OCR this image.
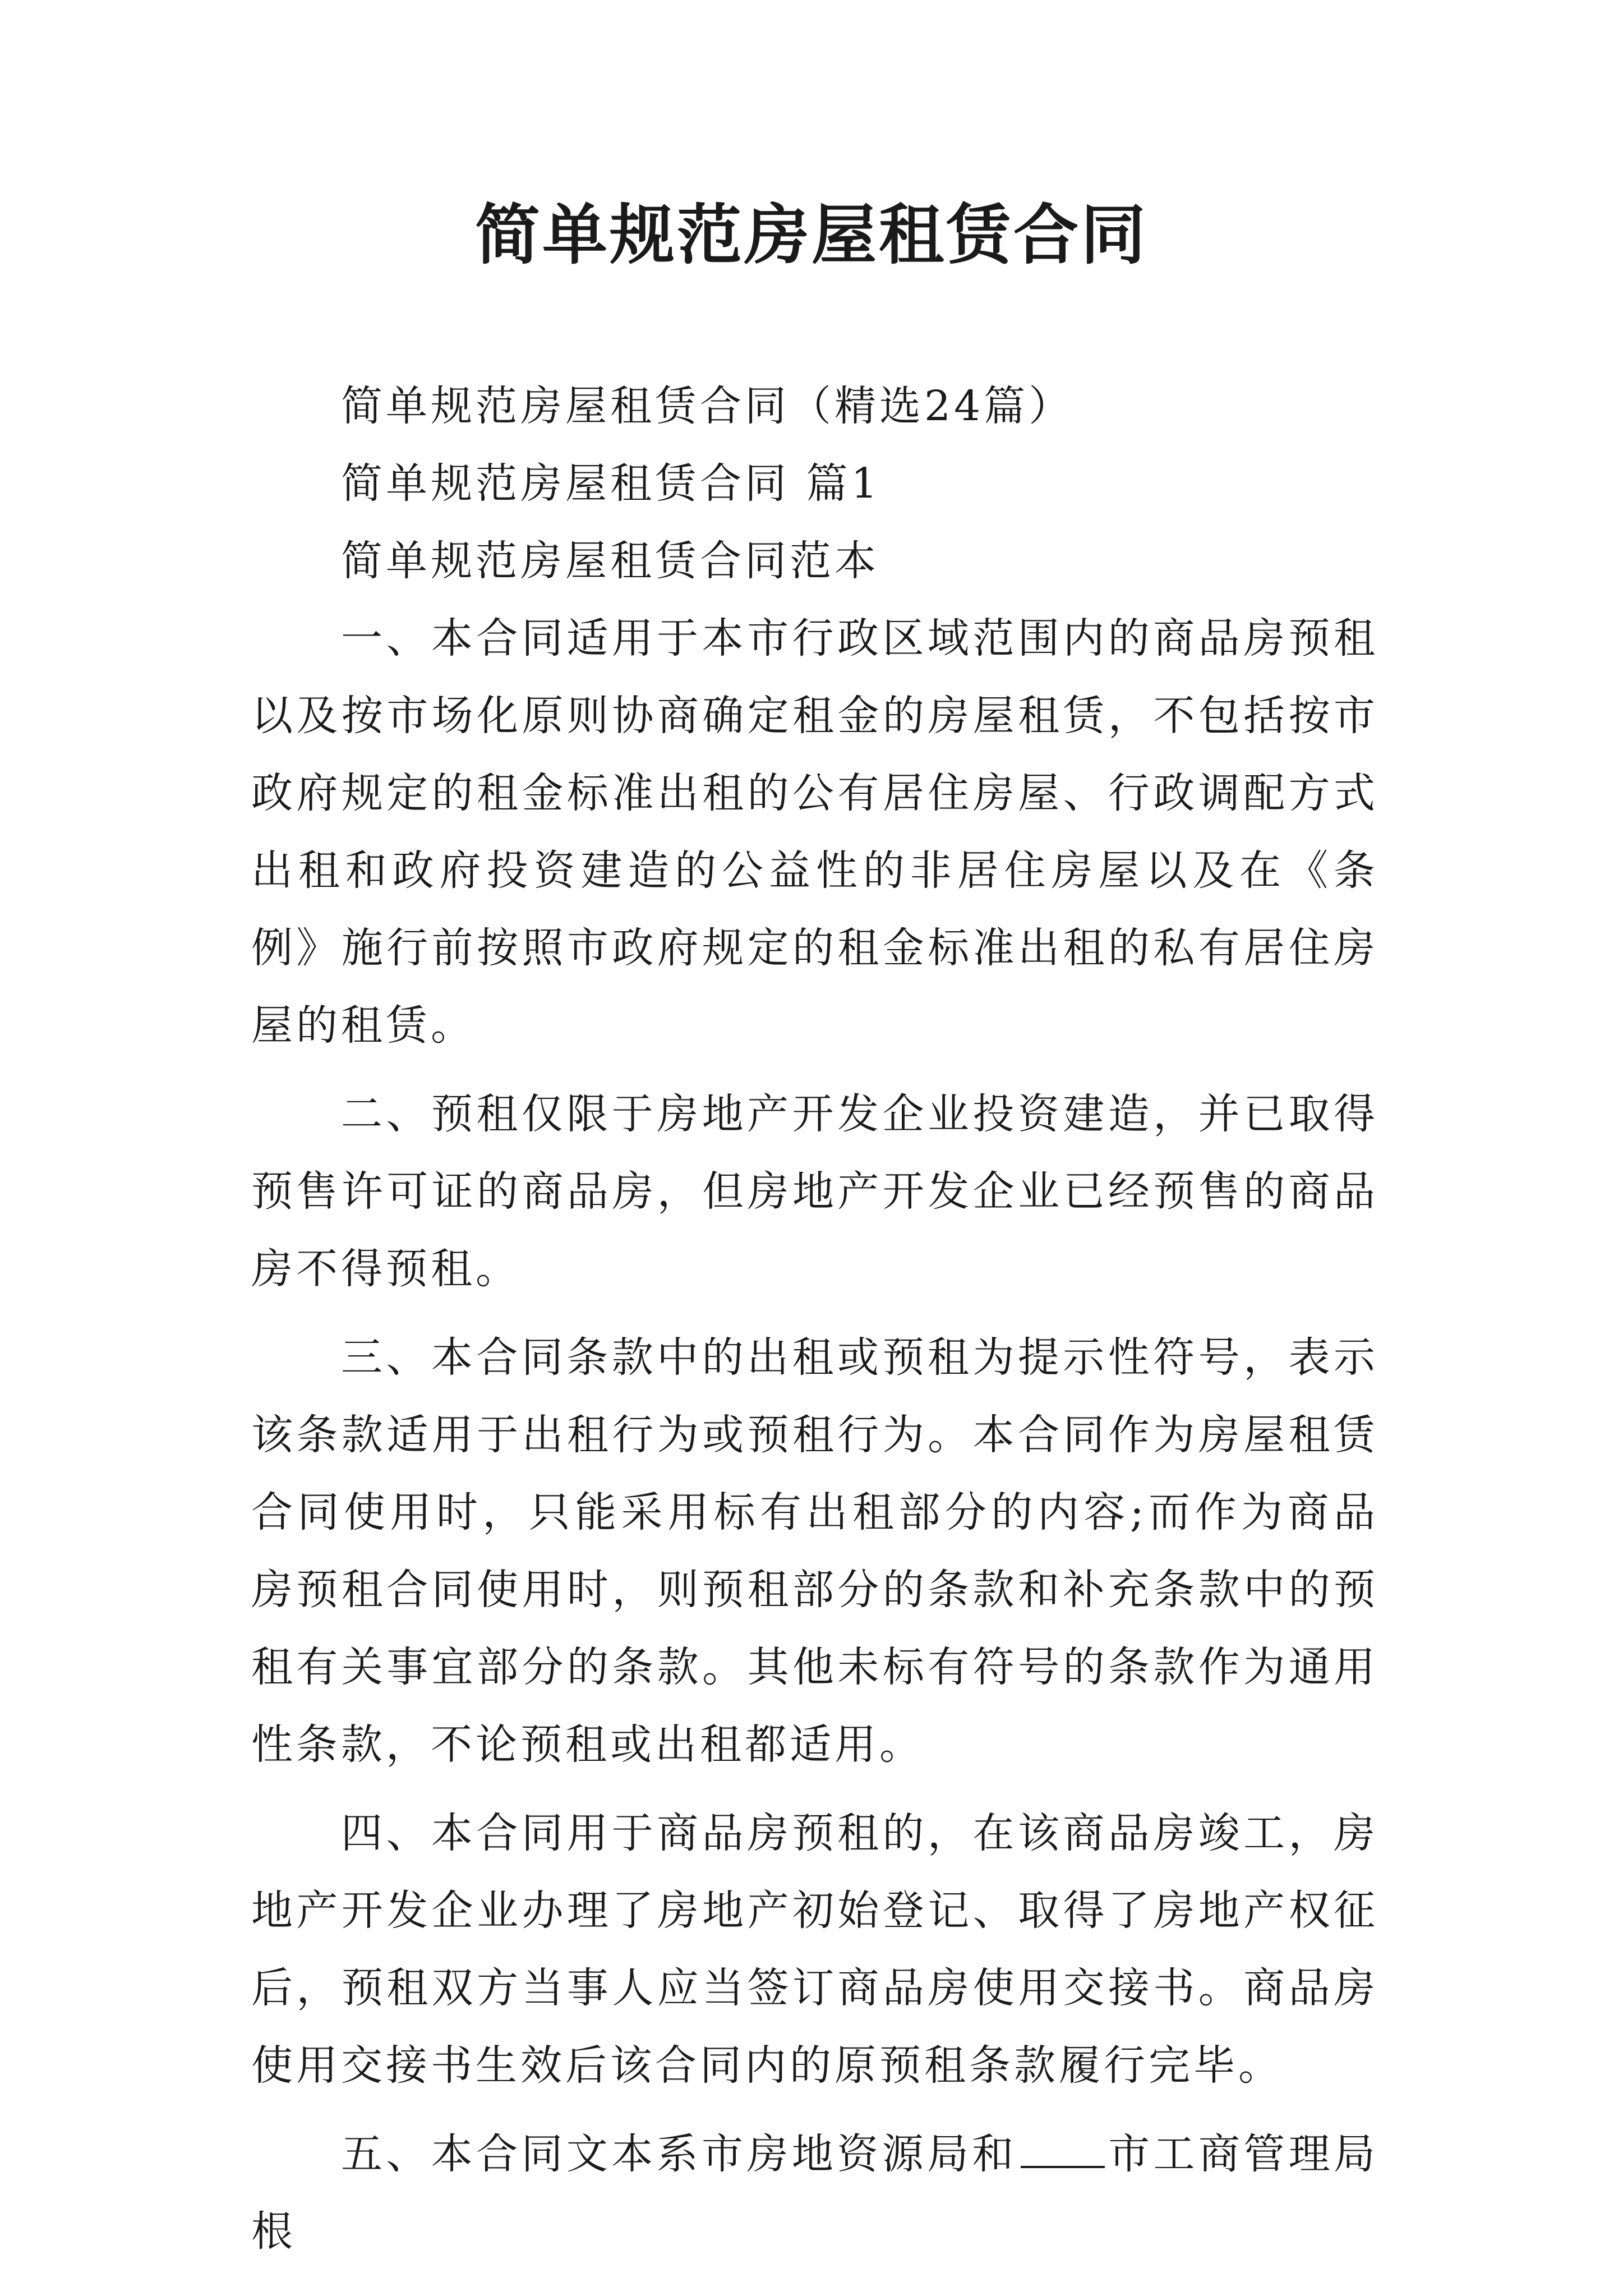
简单规范房屋租赁合同

简单规范房屋租赁合同（精选24篇）

简单规范房屋租赁合同 篇1

简单规范房屋租赁合同范本

一、本合同适用于本市行政区域范围内的商品房预租以及按市场化原则协商确定租金的房屋租赁，不包括按市政府规定的租金标准出租的公有居住房屋、行政调配方式出租和政府投资建造的公益性的非居住房屋以及在《条例》施行前按照市政府规定的租金标准出租的私有居住房屋的租赁。

二、预租仅限于房地产开发企业投资建造，并已取得预售许可证的商品房，但房地产开发企业已经预售的商品房不得预租。

三、本合同条款中的出租或预租为提示性符号，表示该条款适用于出租行为或预租行为。本合同作为房屋租赁合同使用时，只能采用标有出租部分的内容;而作为商品房预租合同使用时，则预租部分的条款和补充条款中的预租有关事宜部分的条款。其他未标有符号的条款作为通用性条款，不论预租或出租都适用。

四、本合同用于商品房预租的，在该商品房竣工，房地产开发企业办理了房地产初始登记、取得了房地产权征后，预租双方当事人应当签订商品房使用交接书。商品房使用交接书生效后该合同内的原预租条款履行完毕。

五、本合同文本系市房地资源局和 市工商管理局根
